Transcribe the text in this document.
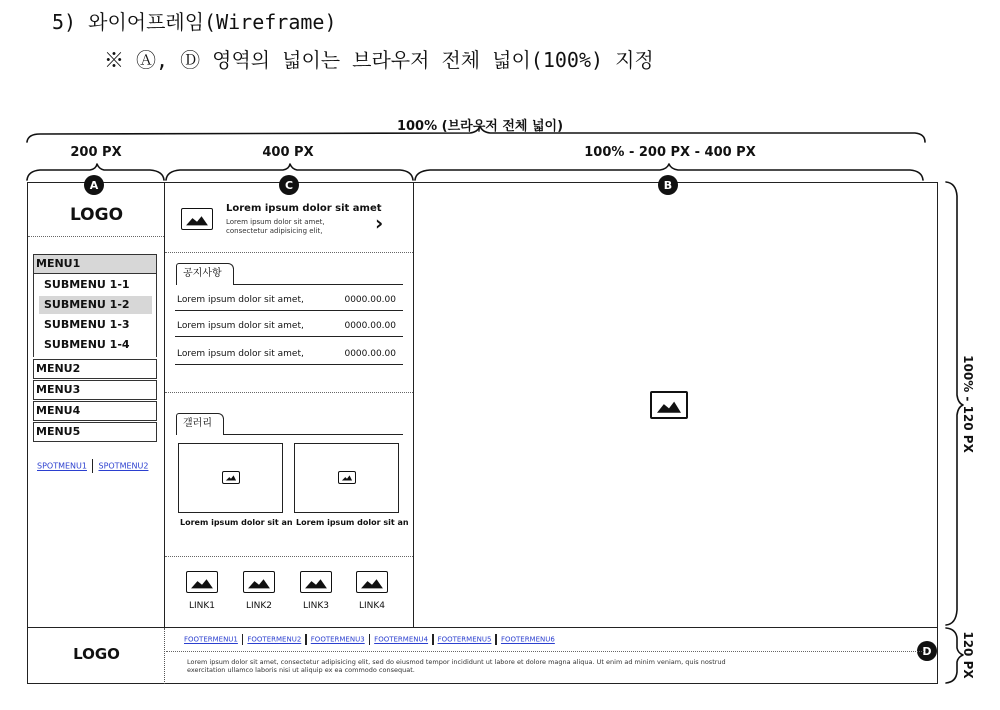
5) 와이어프레임(Wireframe)
※ Ⓐ, Ⓓ 영역의 넓이는 브라우저 전체 넓이(100%) 지정
100% (브라우저 전체 넓이)
200 PX	400 PX	100% - 200 PX - 400 PX
100% - 120 PX
120 PX
A	C	B
D
LOGO
MENU1
SUBMENU 1-1
SUBMENU 1-2
SUBMENU 1-3
SUBMENU 1-4
MENU2
MENU3
MENU4
MENU5
SPOTMENU1 SPOTMENU2
Lorem ipsum dolor sit amet
Lorem ipsum dolor sit amet, consectetur adipisicing elit,	›
공지사항
Lorem ipsum dolor sit amet,	0000.00.00
Lorem ipsum dolor sit amet,	0000.00.00
Lorem ipsum dolor sit amet,	0000.00.00
갤러리
Lorem ipsum dolor sit an Lorem ipsum dolor sit an
LINK1	LINK2	LINK3	LINK4
LOGO
FOOTERMENU1 FOOTERMENU2 FOOTERMENU3 FOOTERMENU4 FOOTERMENU5 FOOTERMENU6
Lorem ipsum dolor sit amet, consectetur adipisicing elit, sed do eiusmod tempor incididunt ut labore et dolore magna aliqua. Ut enim ad minim veniam, quis nostrud exercitation ullamco laboris nisi ut aliquip ex ea commodo consequat.
